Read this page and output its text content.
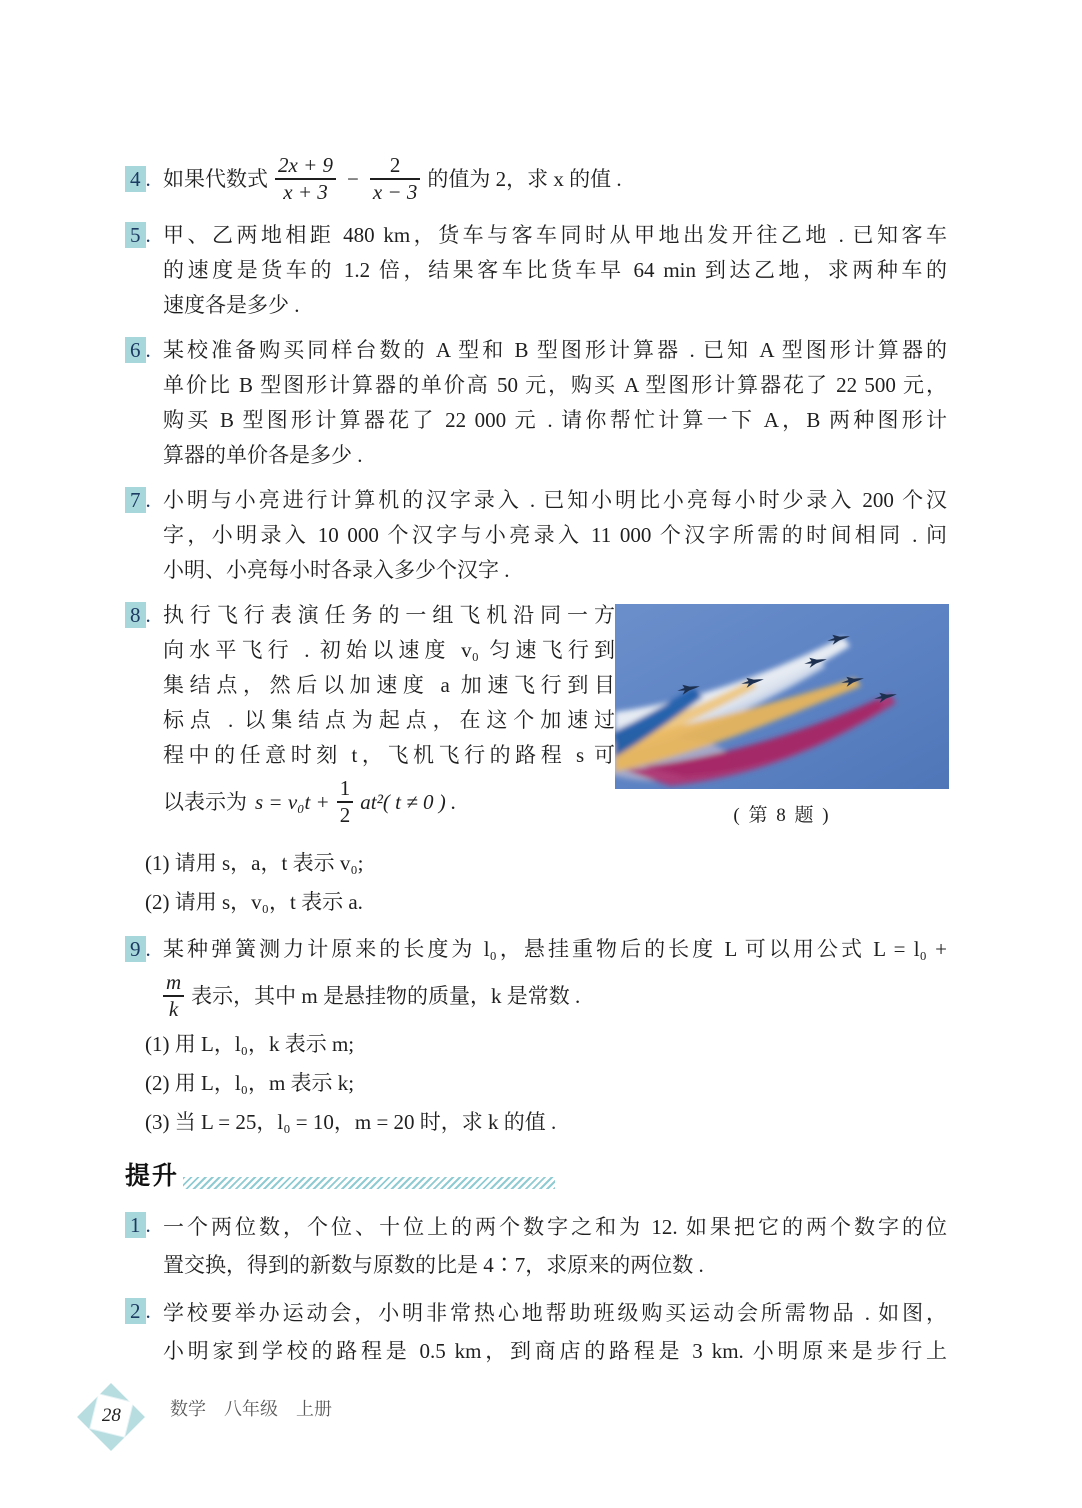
4 . 如果代数式 $\frac{2x + 9}{x + 3} - \frac{2}{x - 3}$ 的值为 2，求 x 的值 .
5 . 甲、乙两地相距 480 km，货车与客车同时从甲地出发开往乙地 . 已知客车
的速度是货车的 1.2 倍，结果客车比货车早 64 min 到达乙地，求两种车的
速度各是多少 .
6 . 某校准备购买同样台数的 A 型和 B 型图形计算器 . 已知 A 型图形计算器的
单价比 B 型图形计算器的单价高 50 元，购买 A 型图形计算器花了 22 500 元，
购买 B 型图形计算器花了 22 000 元 . 请你帮忙计算一下 A，B 两种图形计
算器的单价各是多少 .
7 . 小明与小亮进行计算机的汉字录入 . 已知小明比小亮每小时少录入 200 个汉
字，小明录入 10 000 个汉字与小亮录入 11 000 个汉字所需的时间相同 . 问
小明、小亮每小时各录入多少个汉字 .
8 . 执行飞行表演任务的一组飞机沿同一方
向水平飞行 . 初始以速度 v₀ 匀速飞行到
集结点，然后以加速度 a 加速飞行到目
标点 . 以集结点为起点，在这个加速过
程中的任意时刻 t，飞机飞行的路程 s 可
以表示为 $s = v_0t + \frac{1}{2} at^2$( t ≠ 0 ) .
( 第 8 题 )
(1) 请用 s，a，t 表示 v₀;
(2) 请用 s，v₀，t 表示 a.
9 . 某种弹簧测力计原来的长度为 l₀，悬挂重物后的长度 L 可以用公式 L = l₀ +
$\frac{m}{k}$ 表示，其中 m 是悬挂物的质量，k 是常数 .
(1) 用 L，l₀，k 表示 m;
(2) 用 L，l₀，m 表示 k;
(3) 当 L = 25，l₀ = 10，m = 20 时，求 k 的值 .
提升
1 . 一个两位数，个位、十位上的两个数字之和为 12. 如果把它的两个数字的位
置交换，得到的新数与原数的比是 4∶7，求原来的两位数 .
2 . 学校要举办运动会，小明非常热心地帮助班级购买运动会所需物品 . 如图，
小明家到学校的路程是 0.5 km，到商店的路程是 3 km. 小明原来是步行上
28	数学　八年级　上册
